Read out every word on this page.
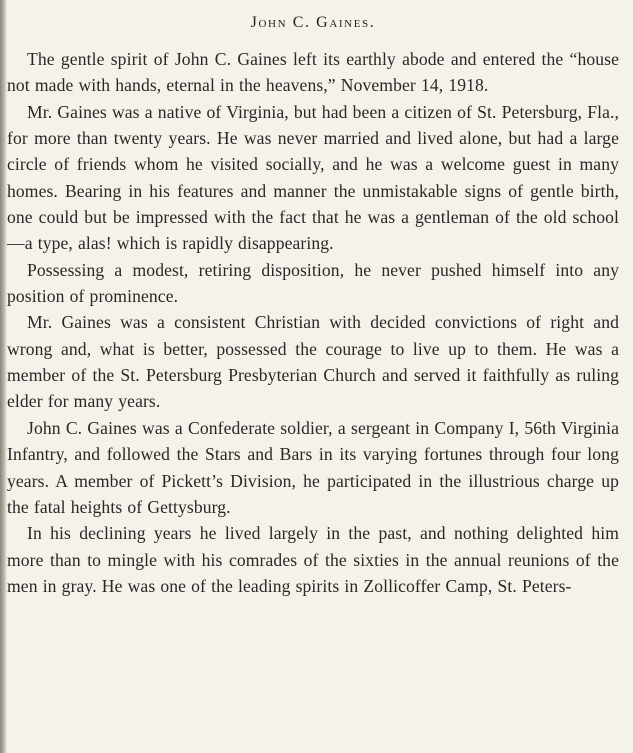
John C. Gaines.

The gentle spirit of John C. Gaines left its earthly abode and entered the “house not made with hands, eternal in the heavens,” November 14, 1918.

Mr. Gaines was a native of Virginia, but had been a citizen of St. Petersburg, Fla., for more than twenty years. He was never married and lived alone, but had a large circle of friends whom he visited socially, and he was a welcome guest in many homes. Bearing in his features and manner the unmistakable signs of gentle birth, one could but be impressed with the fact that he was a gentleman of the old school—a type, alas! which is rapidly disappearing.

Possessing a modest, retiring disposition, he never pushed himself into any position of prominence.

Mr. Gaines was a consistent Christian with decided convictions of right and wrong and, what is better, possessed the courage to live up to them. He was a member of the St. Petersburg Presbyterian Church and served it faithfully as ruling elder for many years.

John C. Gaines was a Confederate soldier, a sergeant in Company I, 56th Virginia Infantry, and followed the Stars and Bars in its varying fortunes through four long years. A member of Pickett’s Division, he participated in the illustrious charge up the fatal heights of Gettysburg.

In his declining years he lived largely in the past, and nothing delighted him more than to mingle with his comrades of the sixties in the annual reunions of the men in gray. He was one of the leading spirits in Zollicoffer Camp, St. Peters-
